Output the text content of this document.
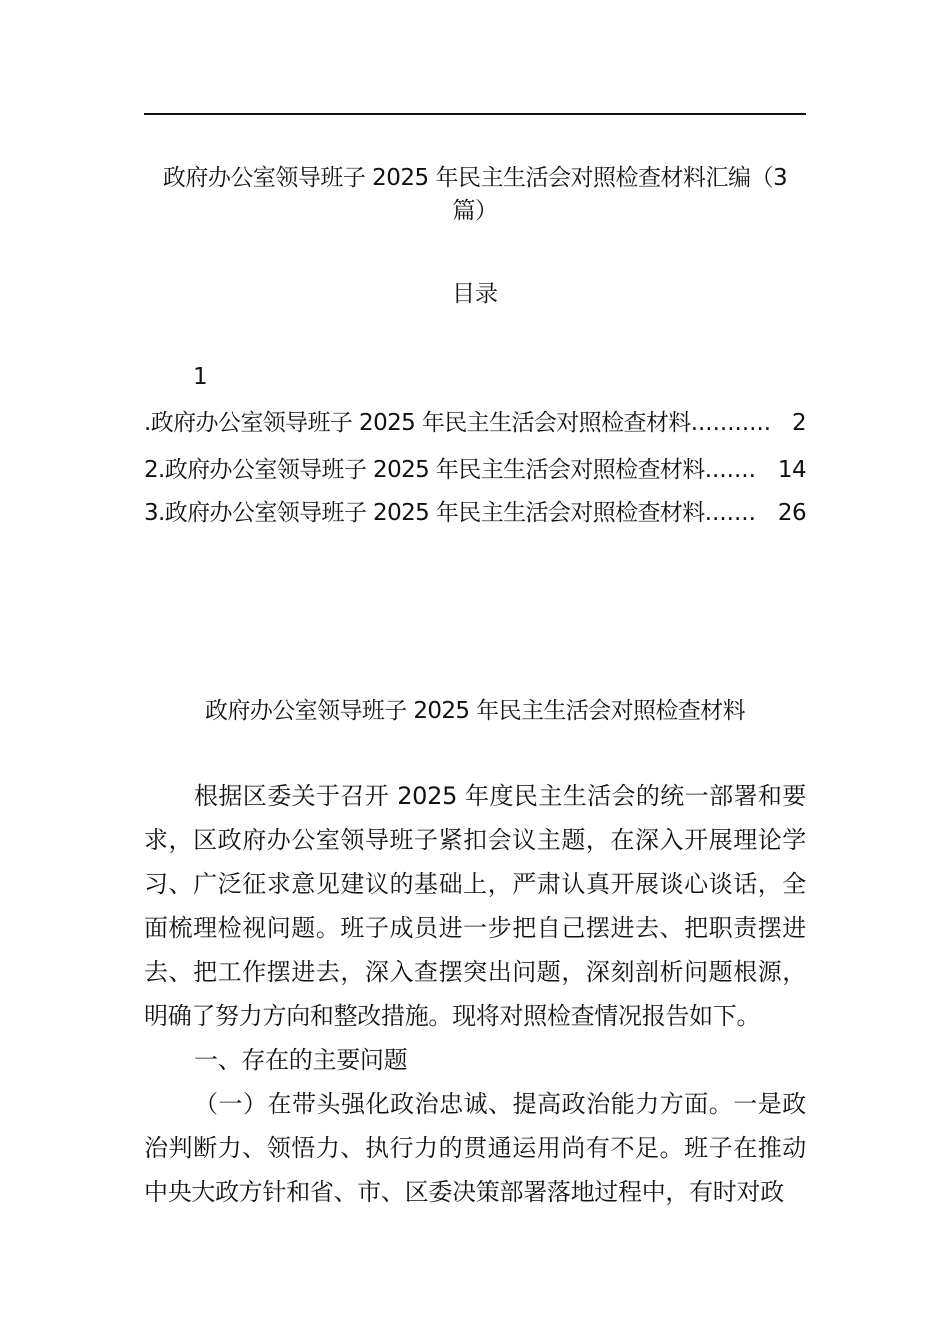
政府办公室领导班子 2025 年民主生活会对照检查材料汇编（3
篇）
目录
1
. 政府办公室领导班子 2025 年民主生活会对照检查材料 ........... 2
2. 政府办公室领导班子 2025 年民主生活会对照检查材料 ....... 14
3. 政府办公室领导班子 2025 年民主生活会对照检查材料 ....... 26
政府办公室领导班子 2025 年民主生活会对照检查材料

根据区委关于召开 2025 年度民主生活会的统一部署和要求，区政府办公室领导班子紧扣会议主题，在深入开展理论学习、广泛征求意见建议的基础上，严肃认真开展谈心谈话，全面梳理检视问题。班子成员进一步把自己摆进去、把职责摆进去、把工作摆进去，深入查摆突出问题，深刻剖析问题根源，明确了努力方向和整改措施。现将对照检查情况报告如下。

一、存在的主要问题

（一）在带头强化政治忠诚、提高政治能力方面。一是政治判断力、领悟力、执行力的贯通运用尚有不足。班子在推动中央大政方针和省、市、区委决策部署落地过程中，有时对政
